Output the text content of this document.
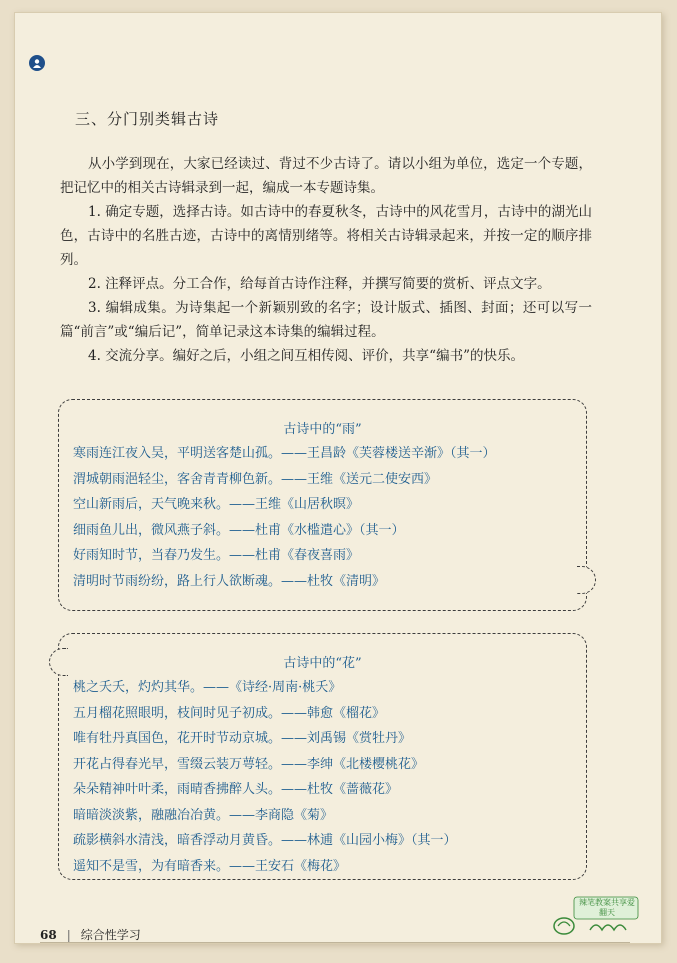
三、分门别类辑古诗

从小学到现在，大家已经读过、背过不少古诗了。请以小组为单位，选定一个专题，把记忆中的相关古诗辑录到一起，编成一本专题诗集。

1. 确定专题，选择古诗。如古诗中的春夏秋冬，古诗中的风花雪月，古诗中的湖光山色，古诗中的名胜古迹，古诗中的离情别绪等。将相关古诗辑录起来，并按一定的顺序排列。

2. 注释评点。分工合作，给每首古诗作注释，并撰写简要的赏析、评点文字。

3. 编辑成集。为诗集起一个新颖别致的名字；设计版式、插图、封面；还可以写一篇“前言”或“编后记”，简单记录这本诗集的编辑过程。

4. 交流分享。编好之后，小组之间互相传阅、评价，共享“编书”的快乐。

古诗中的“雨”
寒雨连江夜入吴，平明送客楚山孤。——王昌龄《芙蓉楼送辛渐》（其一）
渭城朝雨浥轻尘，客舍青青柳色新。——王维《送元二使安西》
空山新雨后，天气晚来秋。——王维《山居秋暝》
细雨鱼儿出，微风燕子斜。——杜甫《水槛遣心》（其一）
好雨知时节，当春乃发生。——杜甫《春夜喜雨》
清明时节雨纷纷，路上行人欲断魂。——杜牧《清明》
古诗中的“花”
桃之夭夭，灼灼其华。——《诗经·周南·桃夭》
五月榴花照眼明，枝间时见子初成。——韩愈《榴花》
唯有牡丹真国色，花开时节动京城。——刘禹锡《赏牡丹》
开花占得春光早，雪缀云装万萼轻。——李绅《北楼樱桃花》
朵朵精神叶叶柔，雨晴香拂醉人头。——杜牧《蔷薇花》
暗暗淡淡紫，融融冶冶黄。——李商隐《菊》
疏影横斜水清浅，暗香浮动月黄昏。——林逋《山园小梅》（其一）
遥知不是雪，为有暗香来。——王安石《梅花》
68 | 综合性学习
辣笔教案共享爱翻天
